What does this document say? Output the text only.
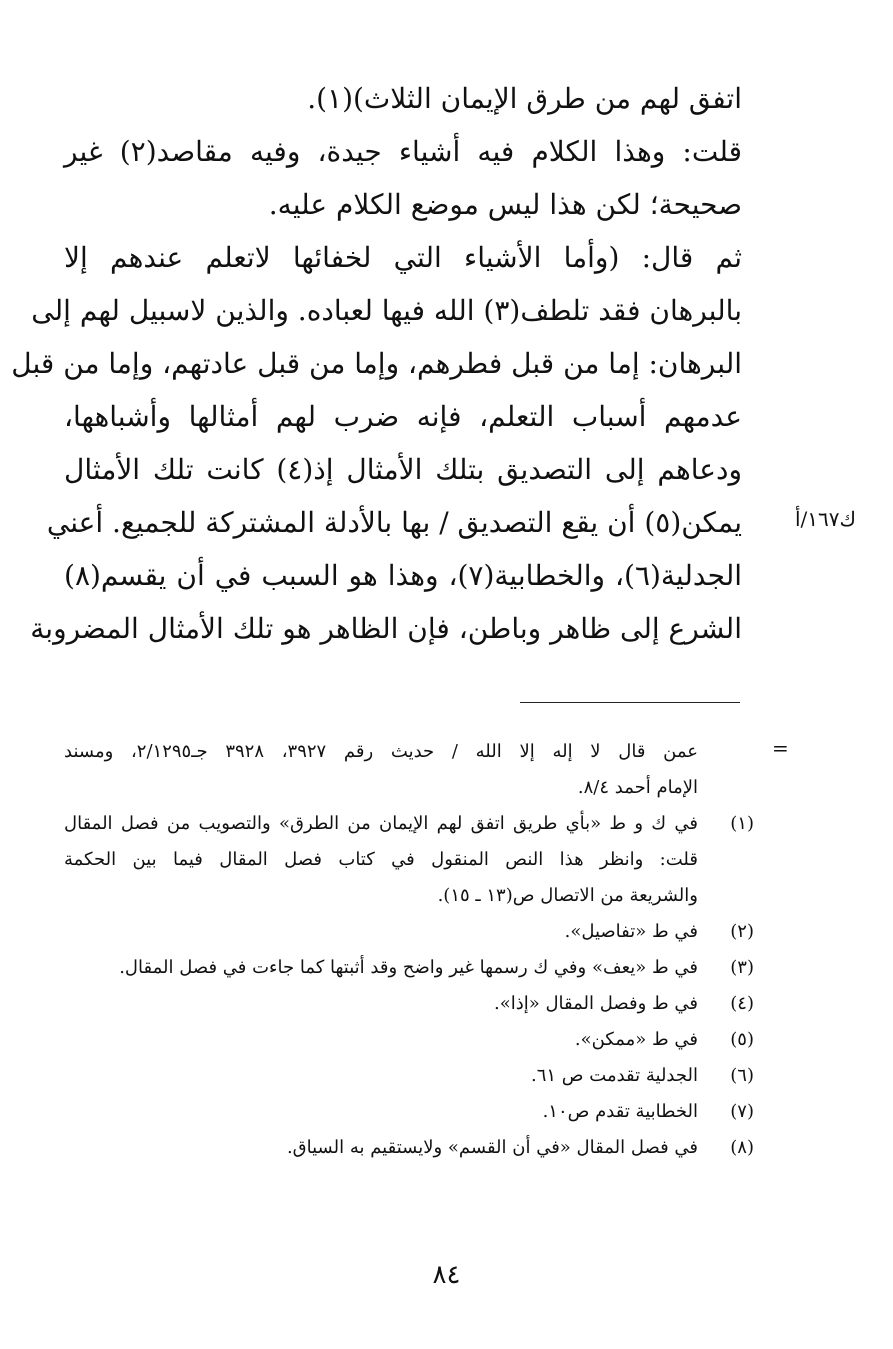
اتفق لهم من طرق الإيمان الثلاث)(١).

قلت: وهذا الكلام فيه أشياء جيدة، وفيه مقاصد(٢) غير
صحيحة؛ لكن هذا ليس موضع الكلام عليه.

ثم قال: (وأما الأشياء التي لخفائها لاتعلم عندهم إلا
بالبرهان فقد تلطف(٣) الله فيها لعباده. والذين لاسبيل لهم إلى
البرهان: إما من قبل فطرهم، وإما من قبل عادتهم، وإما من قبل
عدمهم أسباب التعلم، فإنه ضرب لهم أمثالها وأشباهها،
ودعاهم إلى التصديق بتلك الأمثال إذ(٤) كانت تلك الأمثال
يمكن(٥) أن يقع التصديق / بها بالأدلة المشتركة للجميع. أعني
الجدلية(٦)، والخطابية(٧)، وهذا هو السبب في أن يقسم(٨)
الشرع إلى ظاهر وباطن، فإن الظاهر هو تلك الأمثال المضروبة

ك١٦٧/أ
=
عمن قال لا إله إلا الله / حديث رقم ٣٩٢٧، ٣٩٢٨ جـ٢/١٢٩٥، ومسند
الإمام أحمد ٨/٤.
(١)
في ك و ط «بأي طريق اتفق لهم الإيمان من الطرق» والتصويب من فصل المقال
قلت: وانظر هذا النص المنقول في كتاب فصل المقال فيما بين الحكمة
والشريعة من الاتصال ص(١٣ ـ ١٥).
(٢)
في ط «تفاصيل».
(٣)
في ط «يعف» وفي ك رسمها غير واضح وقد أثبتها كما جاءت في فصل المقال.
(٤)
في ط وفصل المقال «إذا».
(٥)
في ط «ممكن».
(٦)
الجدلية تقدمت ص ٦١.
(٧)
الخطابية تقدم ص١٠.
(٨)
في فصل المقال «في أن القسم» ولايستقيم به السياق.
٨٤
